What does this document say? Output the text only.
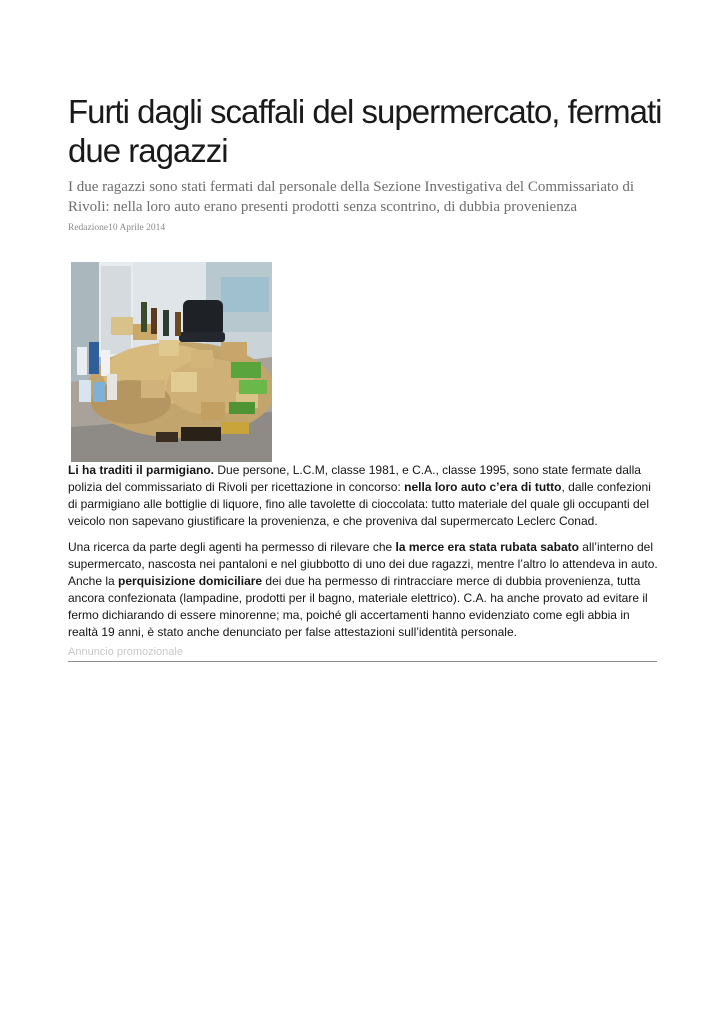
Furti dagli scaffali del supermercato, fermati due ragazzi

I due ragazzi sono stati fermati dal personale della Sezione Investigativa del Commissariato di Rivoli: nella loro auto erano presenti prodotti senza scontrino, di dubbia provenienza

Redazione10 Aprile 2014

Li ha traditi il parmigiano. Due persone, L.C.M, classe 1981, e C.A., classe 1995, sono state fermate dalla polizia del commissariato di Rivoli per ricettazione in concorso: nella loro auto c’era di tutto, dalle confezioni di parmigiano alle bottiglie di liquore, fino alle tavolette di cioccolata: tutto materiale del quale gli occupanti del veicolo non sapevano giustificare la provenienza, e che proveniva dal supermercato Leclerc Conad.

Una ricerca da parte degli agenti ha permesso di rilevare che la merce era stata rubata sabato all’interno del supermercato, nascosta nei pantaloni e nel giubbotto di uno dei due ragazzi, mentre l’altro lo attendeva in auto. Anche la perquisizione domiciliare dei due ha permesso di rintracciare merce di dubbia provenienza, tutta ancora confezionata (lampadine, prodotti per il bagno, materiale elettrico). C.A. ha anche provato ad evitare il fermo dichiarando di essere minorenne; ma, poiché gli accertamenti hanno evidenziato come egli abbia in realtà 19 anni, è stato anche denunciato per false attestazioni sull’identità personale.

Annuncio promozionale
